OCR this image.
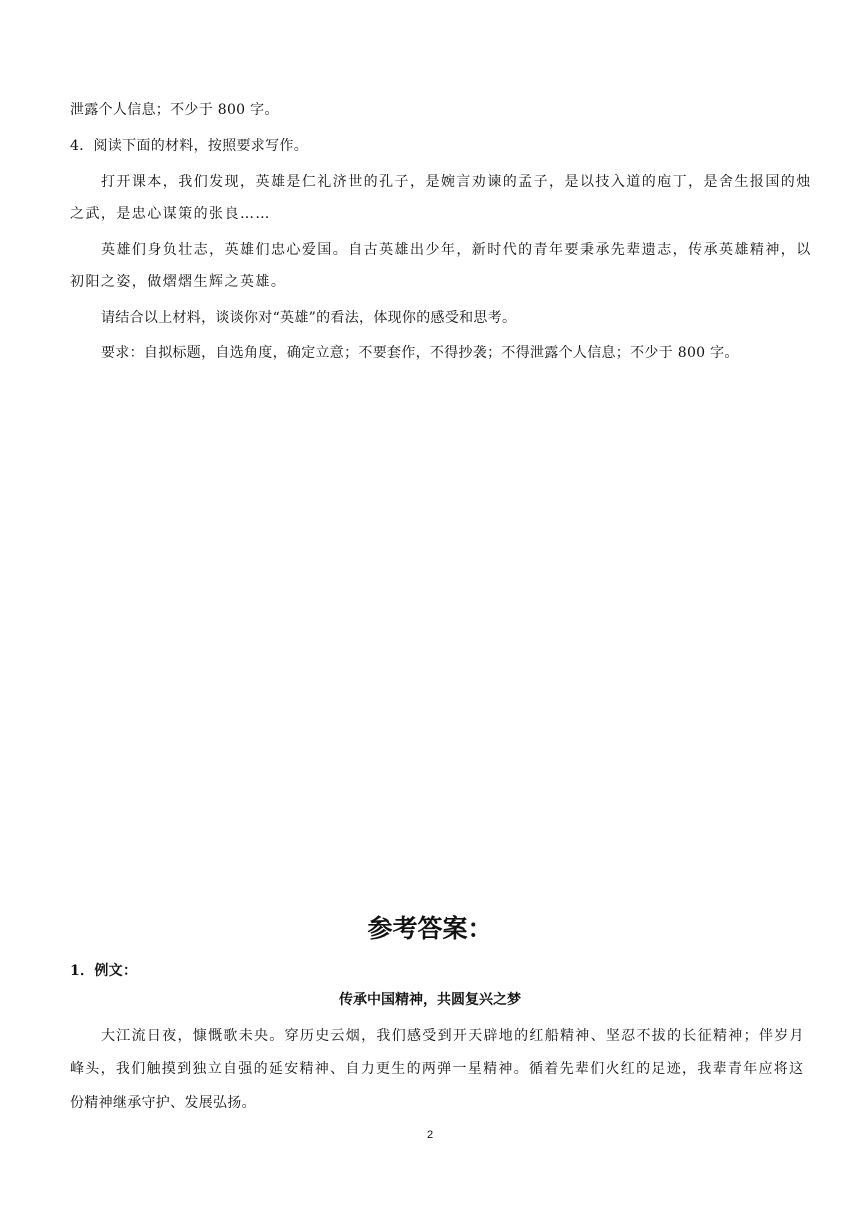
泄露个人信息；不少于 800 字。
4．阅读下面的材料，按照要求写作。
打开课本，我们发现，英雄是仁礼济世的孔子，是婉言劝谏的孟子，是以技入道的庖丁，是舍生报国的烛
之武，是忠心谋策的张良……
英雄们身负壮志，英雄们忠心爱国。自古英雄出少年，新时代的青年要秉承先辈遗志，传承英雄精神，以
初阳之姿，做熠熠生辉之英雄。
请结合以上材料，谈谈你对“英雄”的看法，体现你的感受和思考。
要求：自拟标题，自选角度，确定立意；不要套作，不得抄袭；不得泄露个人信息；不少于 800 字。
参考答案：
1．例文：
传承中国精神，共圆复兴之梦
大江流日夜，慷慨歌未央。穿历史云烟，我们感受到开天辟地的红船精神、坚忍不拔的长征精神；伴岁月
峰头，我们触摸到独立自强的延安精神、自力更生的两弹一星精神。循着先辈们火红的足迹，我辈青年应将这
份精神继承守护、发展弘扬。
2
